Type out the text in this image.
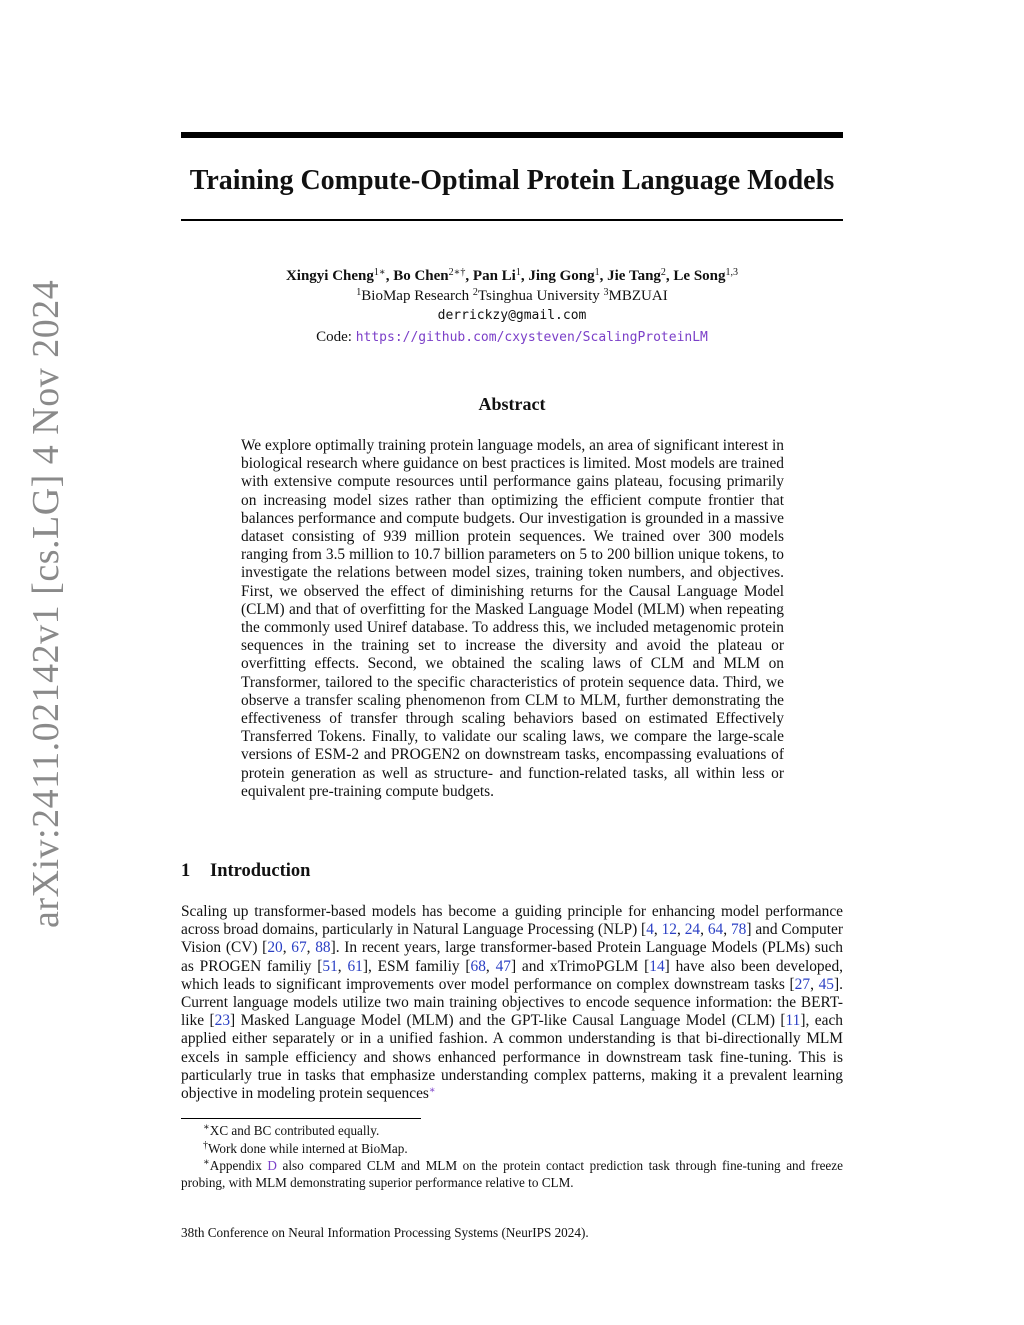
arXiv:2411.02142v1 [cs.LG] 4 Nov 2024
Training Compute-Optimal Protein Language Models
Xingyi Cheng$^{1∗}$, Bo Chen$^{2∗\dagger}$, Pan Li$^1$, Jing Gong$^1$, Jie Tang$^2$, Le Song$^{1,3}$
$^1$BioMap Research $^2$Tsinghua University $^3$MBZUAI
derrickzy@gmail.com
Code: https://github.com/cxysteven/ScalingProteinLM
Abstract
We explore optimally training protein language models, an area of significant interest in biological research where guidance on best practices is limited. Most models are trained with extensive compute resources until performance gains plateau, focusing primarily on increasing model sizes rather than optimizing the efficient compute frontier that balances performance and compute budgets. Our investigation is grounded in a massive dataset consisting of 939 million protein sequences. We trained over 300 models ranging from 3.5 million to 10.7 billion parameters on 5 to 200 billion unique tokens, to investigate the relations between model sizes, training token numbers, and objectives. First, we observed the effect of diminishing returns for the Causal Language Model (CLM) and that of overfitting for the Masked Language Model (MLM) when repeating the commonly used Uniref database. To address this, we included metagenomic protein sequences in the training set to increase the diversity and avoid the plateau or overfitting effects. Second, we obtained the scaling laws of CLM and MLM on Transformer, tailored to the specific characteristics of protein sequence data. Third, we observe a transfer scaling phenomenon from CLM to MLM, further demonstrating the effectiveness of transfer through scaling behaviors based on estimated Effectively Transferred Tokens. Finally, to validate our scaling laws, we compare the large-scale versions of ESM-2 and PROGEN2 on downstream tasks, encompassing evaluations of protein generation as well as structure- and function-related tasks, all within less or equivalent pre-training compute budgets.
1 Introduction
Scaling up transformer-based models has become a guiding principle for enhancing model performance across broad domains, particularly in Natural Language Processing (NLP) [4, 12, 24, 64, 78] and Computer Vision (CV) [20, 67, 88]. In recent years, large transformer-based Protein Language Models (PLMs) such as PROGEN familiy [51, 61], ESM familiy [68, 47] and xTrimoPGLM [14] have also been developed, which leads to significant improvements over model performance on complex downstream tasks [27, 45]. Current language models utilize two main training objectives to encode sequence information: the BERT-like [23] Masked Language Model (MLM) and the GPT-like Causal Language Model (CLM) [11], each applied either separately or in a unified fashion. A common understanding is that bi-directionally MLM excels in sample efficiency and shows enhanced performance in downstream task fine-tuning. This is particularly true in tasks that emphasize understanding complex patterns, making it a prevalent learning objective in modeling protein sequences∗
∗XC and BC contributed equally.
†Work done while interned at BioMap.
∗Appendix D also compared CLM and MLM on the protein contact prediction task through fine-tuning and freeze probing, with MLM demonstrating superior performance relative to CLM.
38th Conference on Neural Information Processing Systems (NeurIPS 2024).
